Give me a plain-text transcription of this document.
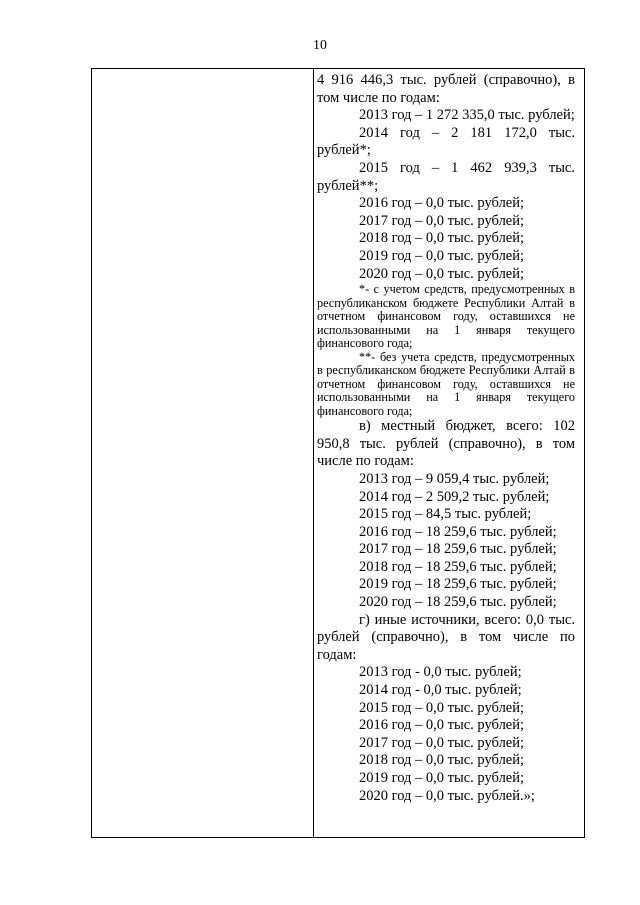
10

4 916 446,3 тыс. рублей (справочно), в том числе по годам:

2013 год – 1 272 335,0 тыс. рублей;

2014 год – 2 181 172,0 тыс. рублей*;

2015 год – 1 462 939,3 тыс. рублей**;

2016 год – 0,0 тыс. рублей;

2017 год – 0,0 тыс. рублей;

2018 год – 0,0 тыс. рублей;

2019 год – 0,0 тыс. рублей;

2020 год – 0,0 тыс. рублей;

*- с учетом средств, предусмотренных в республиканском бюджете Республики Алтай в отчетном финансовом году, оставшихся не использованными на 1 января текущего финансового года;

**- без учета средств, предусмотренных в республиканском бюджете Республики Алтай в отчетном финансовом году, оставшихся не использованными на 1 января текущего финансового года;

в) местный бюджет, всего: 102 950,8 тыс. рублей (справочно), в том числе по годам:

2013 год – 9 059,4 тыс. рублей;

2014 год – 2 509,2 тыс. рублей;

2015 год – 84,5 тыс. рублей;

2016 год – 18 259,6 тыс. рублей;

2017 год – 18 259,6 тыс. рублей;

2018 год – 18 259,6 тыс. рублей;

2019 год – 18 259,6 тыс. рублей;

2020 год – 18 259,6 тыс. рублей;

г) иные источники, всего: 0,0 тыс. рублей (справочно), в том числе по годам:

2013 год - 0,0 тыс. рублей;

2014 год - 0,0 тыс. рублей;

2015 год – 0,0 тыс. рублей;

2016 год – 0,0 тыс. рублей;

2017 год – 0,0 тыс. рублей;

2018 год – 0,0 тыс. рублей;

2019 год – 0,0 тыс. рублей;

2020 год – 0,0 тыс. рублей.»;
